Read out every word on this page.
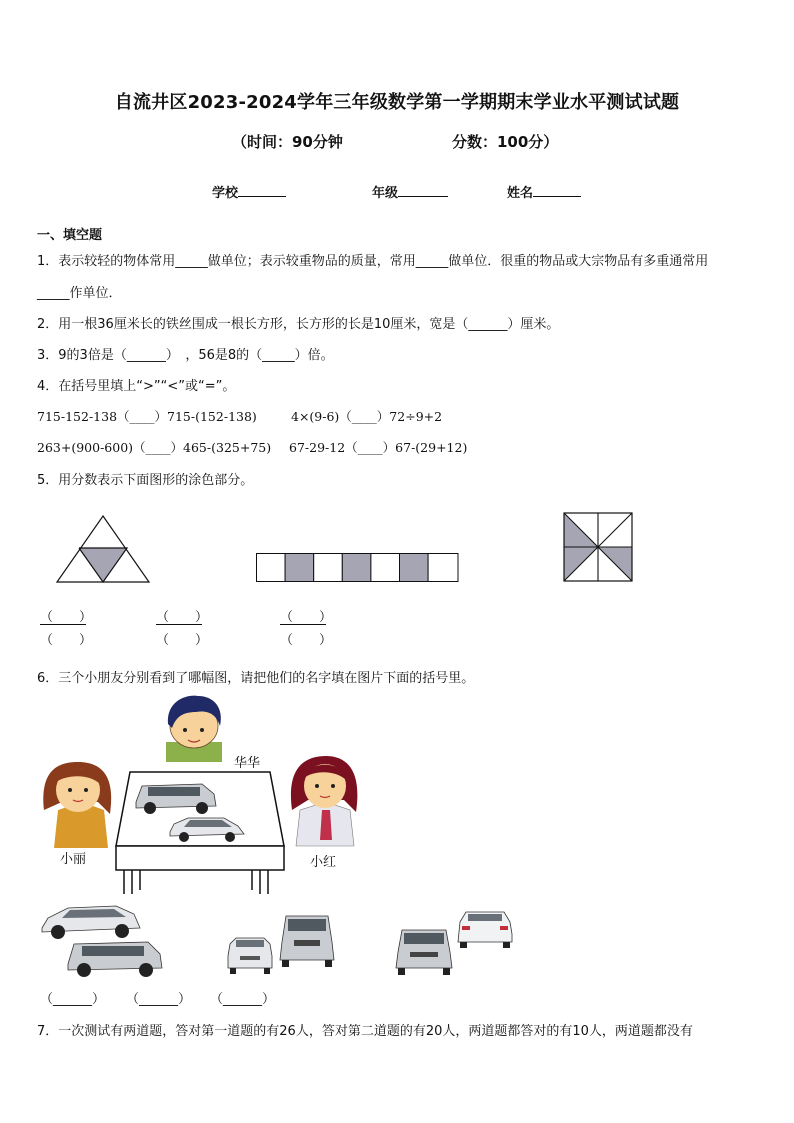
自流井区2023-2024学年三年级数学第一学期期末学业水平测试试题
（时间：90分钟	分数：100分）
学校	年级	姓名
一、填空题
1．表示较轻的物体常用_____做单位；表示较重物品的质量，常用_____做单位．很重的物品或大宗物品有多重通常用
_____作单位．
2．用一根36厘米长的铁丝围成一根长方形，长方形的长是10厘米，宽是（______）厘米。
3．9的3倍是（______）　，56是8的（_____）倍。
4．在括号里填上“>”“<”或“=”。
715-152-138（____）715-(152-138)	4×(9-6)（____）72÷9+2
263+(900-600)（____）465-(325+75) 67-29-12（____）67-(29+12)
5．用分数表示下面图形的涂色部分。
（　　）
（　　）
（　　）
（　　）
（　　）
（　　）
6．三个小朋友分别看到了哪幅图，请把他们的名字填在图片下面的括号里。
华华
小丽	小红
（______） （______） （______）
7．一次测试有两道题，答对第一道题的有26人，答对第二道题的有20人，两道题都答对的有10人，两道题都没有
